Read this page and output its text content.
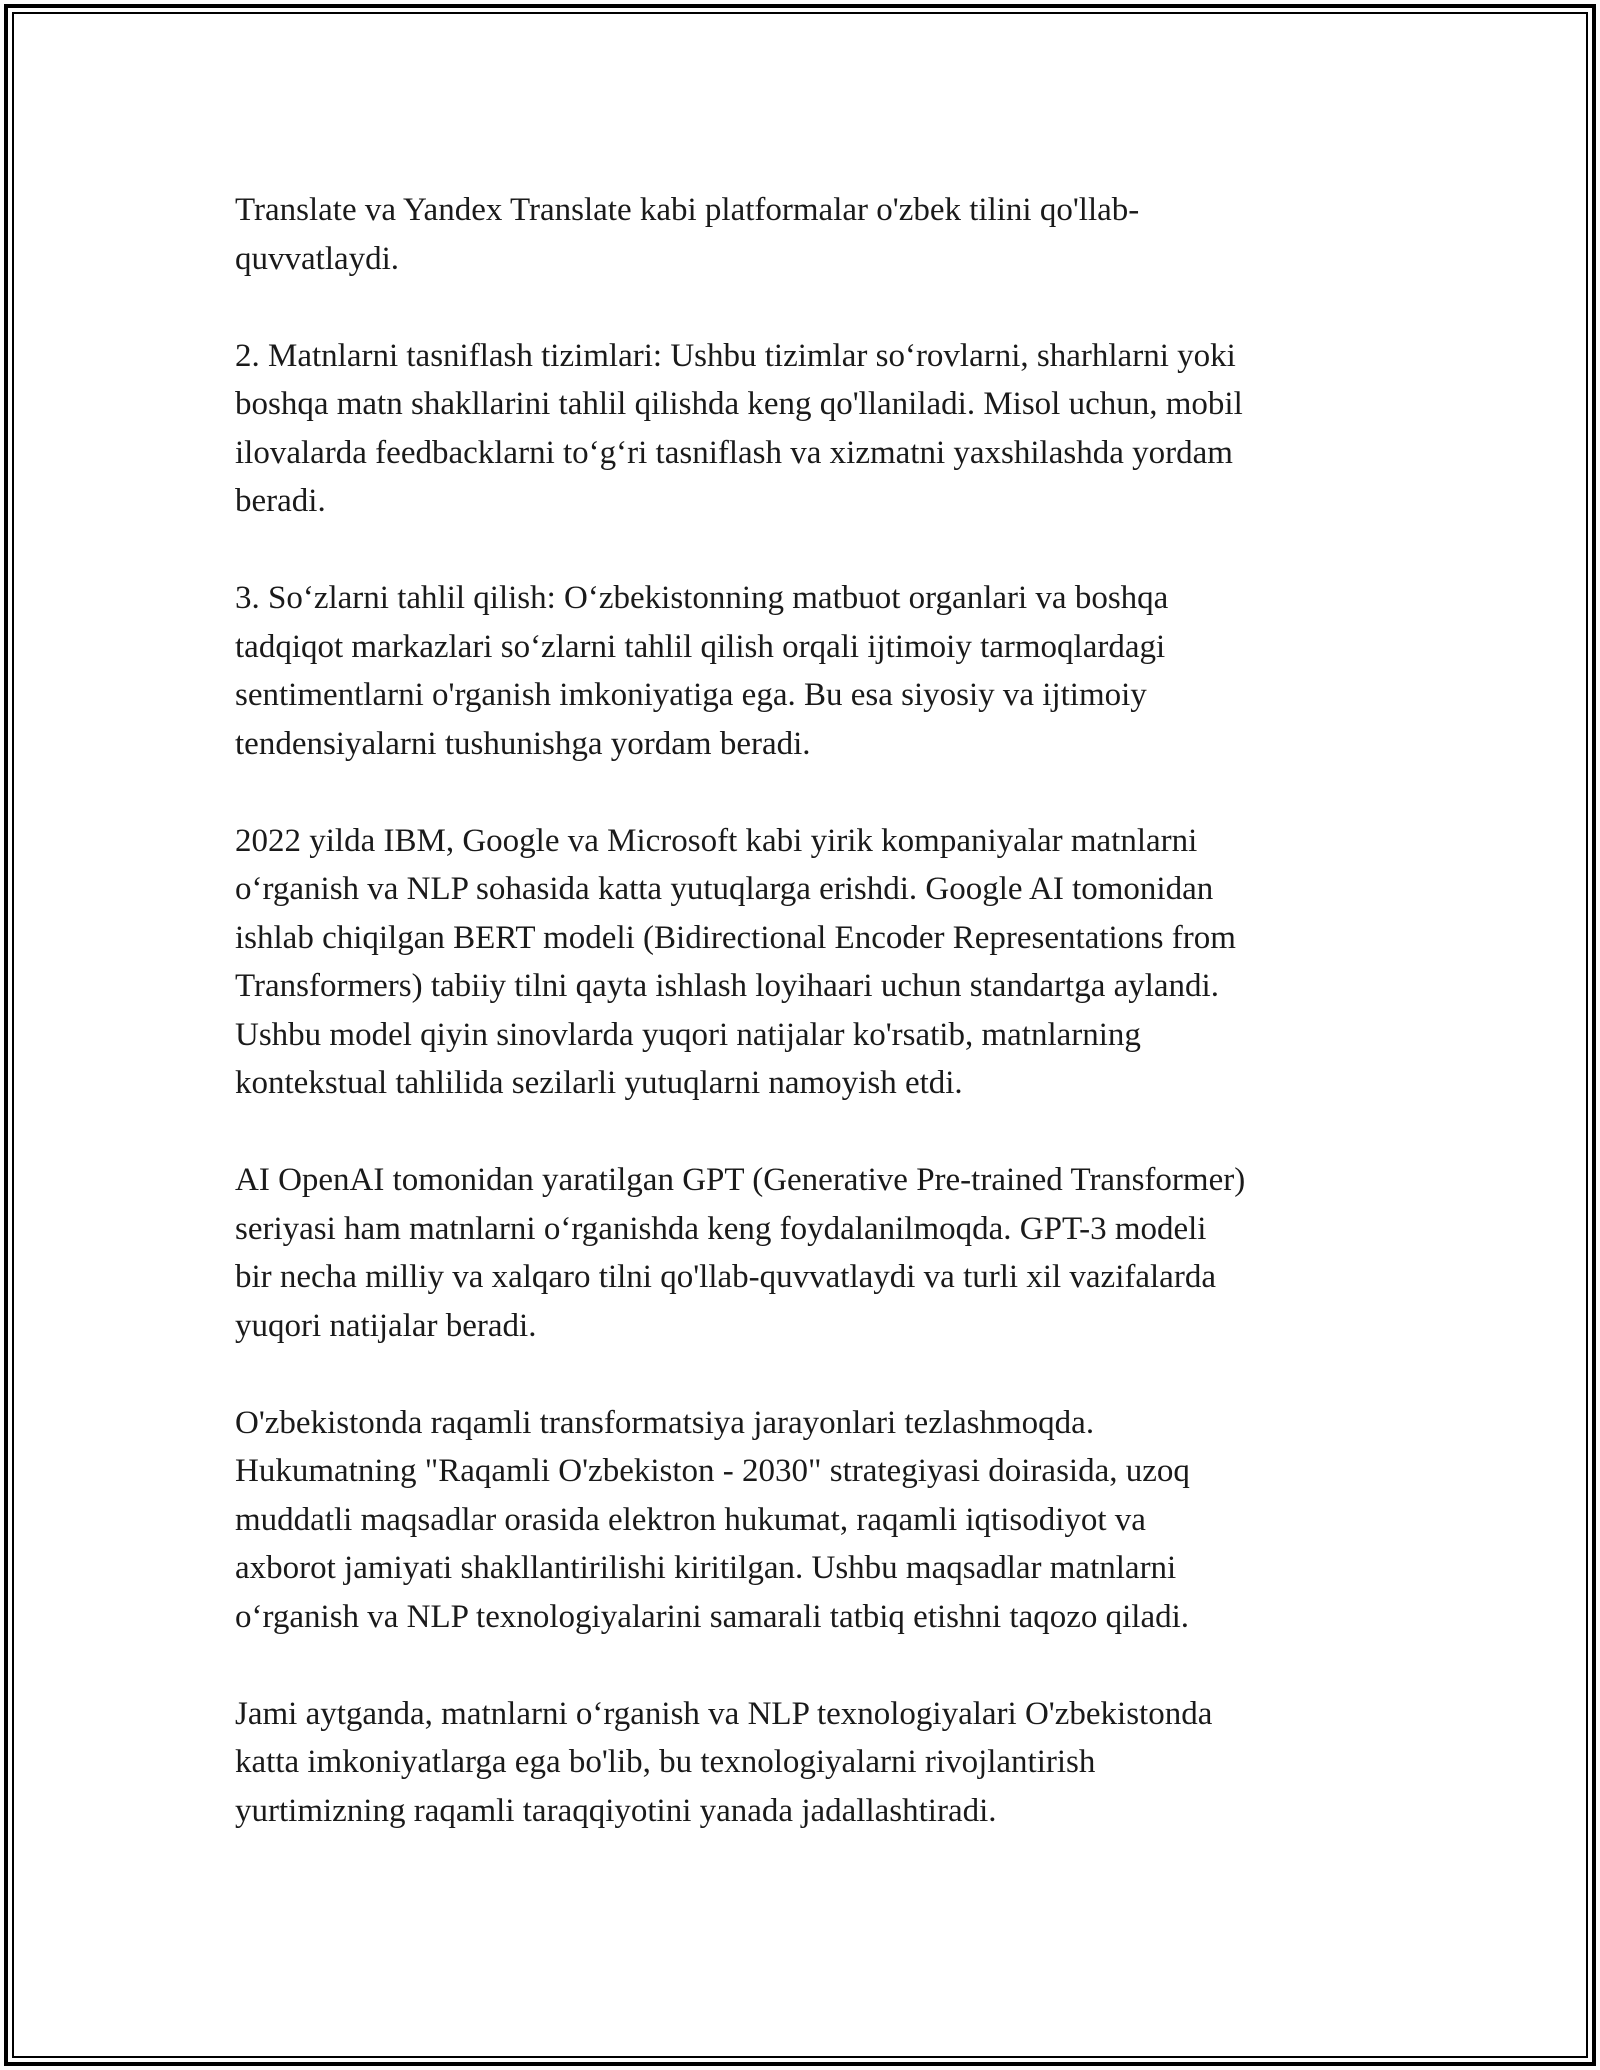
Translate va Yandex Translate kabi platformalar o'zbek tilini qo'llab-
quvvatlaydi.

2. Matnlarni tasniflash tizimlari: Ushbu tizimlar so‘rovlarni, sharhlarni yoki
boshqa matn shakllarini tahlil qilishda keng qo'llaniladi. Misol uchun, mobil
ilovalarda feedbacklarni to‘g‘ri tasniflash va xizmatni yaxshilashda yordam
beradi.

3. So‘zlarni tahlil qilish: O‘zbekistonning matbuot organlari va boshqa
tadqiqot markazlari so‘zlarni tahlil qilish orqali ijtimoiy tarmoqlardagi
sentimentlarni o'rganish imkoniyatiga ega. Bu esa siyosiy va ijtimoiy
tendensiyalarni tushunishga yordam beradi.

2022 yilda IBM, Google va Microsoft kabi yirik kompaniyalar matnlarni
o‘rganish va NLP sohasida katta yutuqlarga erishdi. Google AI tomonidan
ishlab chiqilgan BERT modeli (Bidirectional Encoder Representations from
Transformers) tabiiy tilni qayta ishlash loyihaari uchun standartga aylandi.
Ushbu model qiyin sinovlarda yuqori natijalar ko'rsatib, matnlarning
kontekstual tahlilida sezilarli yutuqlarni namoyish etdi.

AI OpenAI tomonidan yaratilgan GPT (Generative Pre-trained Transformer)
seriyasi ham matnlarni o‘rganishda keng foydalanilmoqda. GPT-3 modeli
bir necha milliy va xalqaro tilni qo'llab-quvvatlaydi va turli xil vazifalarda
yuqori natijalar beradi.

O'zbekistonda raqamli transformatsiya jarayonlari tezlashmoqda.
Hukumatning "Raqamli O'zbekiston - 2030" strategiyasi doirasida, uzoq
muddatli maqsadlar orasida elektron hukumat, raqamli iqtisodiyot va
axborot jamiyati shakllantirilishi kiritilgan. Ushbu maqsadlar matnlarni
o‘rganish va NLP texnologiyalarini samarali tatbiq etishni taqozo qiladi.

Jami aytganda, matnlarni o‘rganish va NLP texnologiyalari O'zbekistonda
katta imkoniyatlarga ega bo'lib, bu texnologiyalarni rivojlantirish
yurtimizning raqamli taraqqiyotini yanada jadallashtiradi.
